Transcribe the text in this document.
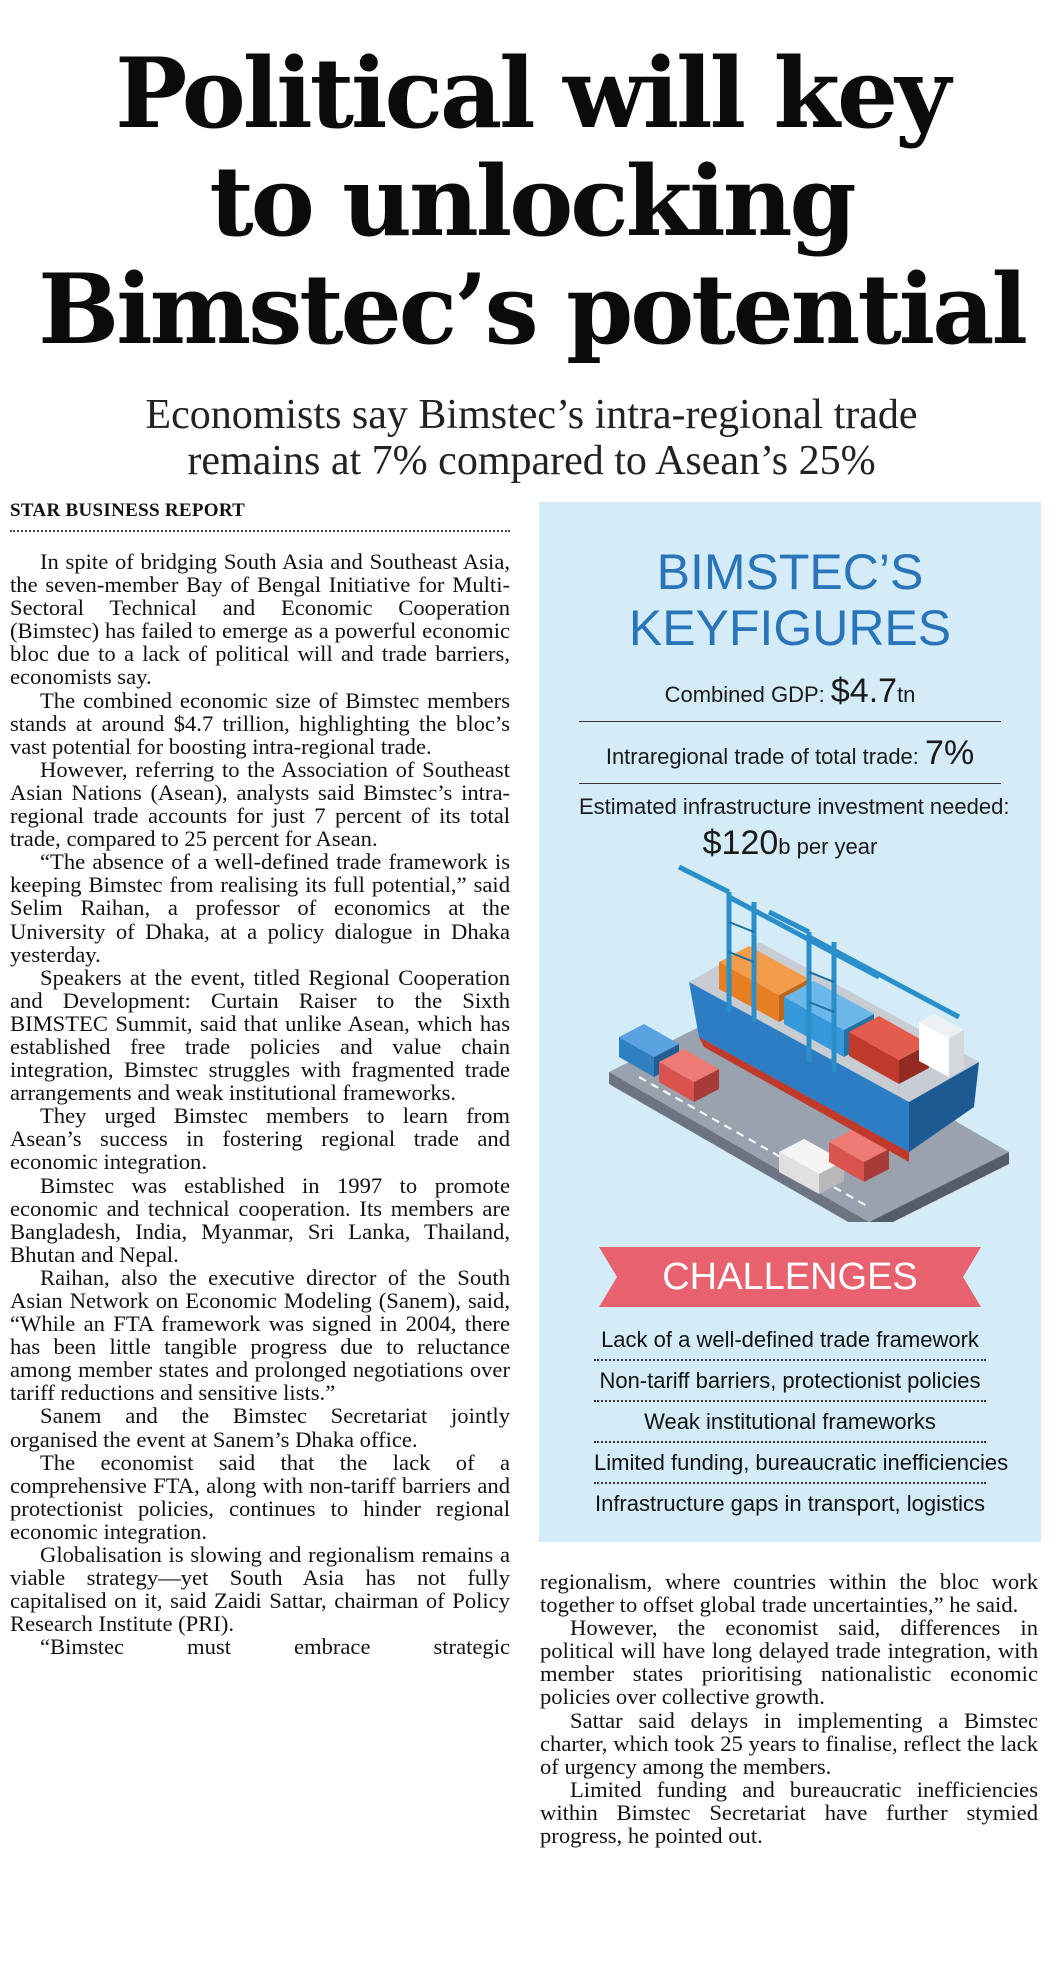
Political will key
to unlocking
Bimstec’s potential
Economists say Bimstec’s intra-regional trade
remains at 7% compared to Asean’s 25%
STAR BUSINESS REPORT

In spite of bridging South Asia and Southeast Asia, the seven-member Bay of Bengal Initiative for Multi-Sectoral Technical and Economic Cooperation (Bimstec) has failed to emerge as a powerful economic bloc due to a lack of political will and trade barriers, economists say.

The combined economic size of Bimstec members stands at around $4.7 trillion, highlighting the bloc’s vast potential for boosting intra-regional trade.

However, referring to the Association of Southeast Asian Nations (Asean), analysts said Bimstec’s intra-regional trade accounts for just 7 percent of its total trade, compared to 25 percent for Asean.

“The absence of a well-defined trade framework is keeping Bimstec from realising its full potential,” said Selim Raihan, a professor of economics at the University of Dhaka, at a policy dialogue in Dhaka yesterday.

Speakers at the event, titled Regional Cooperation and Development: Curtain Raiser to the Sixth BIMSTEC Summit, said that unlike Asean, which has established free trade policies and value chain integration, Bimstec struggles with fragmented trade arrangements and weak institutional frameworks.

They urged Bimstec members to learn from Asean’s success in fostering regional trade and economic integration.

Bimstec was established in 1997 to promote economic and technical cooperation. Its members are Bangladesh, India, Myanmar, Sri Lanka, Thailand, Bhutan and Nepal.

Raihan, also the executive director of the South Asian Network on Economic Modeling (Sanem), said, “While an FTA framework was signed in 2004, there has been little tangible progress due to reluctance among member states and prolonged negotiations over tariff reductions and sensitive lists.”

Sanem and the Bimstec Secretariat jointly organised the event at Sanem’s Dhaka office.

The economist said that the lack of a comprehensive FTA, along with non-tariff barriers and protectionist policies, continues to hinder regional economic integration.

Globalisation is slowing and regionalism remains a viable strategy—yet South Asia has not fully capitalised on it, said Zaidi Sattar, chairman of Policy Research Institute (PRI).

“Bimstec must embrace strategic

BIMSTEC’S
KEYFIGURES
Combined GDP: $4.7tn
Intraregional trade of total trade: 7%
Estimated infrastructure investment needed:
$120b per year
CHALLENGES
Lack of a well-defined trade framework
Non-tariff barriers, protectionist policies
Weak institutional frameworks
Limited funding, bureaucratic inefficiencies
Infrastructure gaps in transport, logistics

regionalism, where countries within the bloc work together to offset global trade uncertainties,” he said.

However, the economist said, differences in political will have long delayed trade integration, with member states prioritising nationalistic economic policies over collective growth.

Sattar said delays in implementing a Bimstec charter, which took 25 years to finalise, reflect the lack of urgency among the members.

Limited funding and bureaucratic inefficiencies within Bimstec Secretariat have further stymied progress, he pointed out.
